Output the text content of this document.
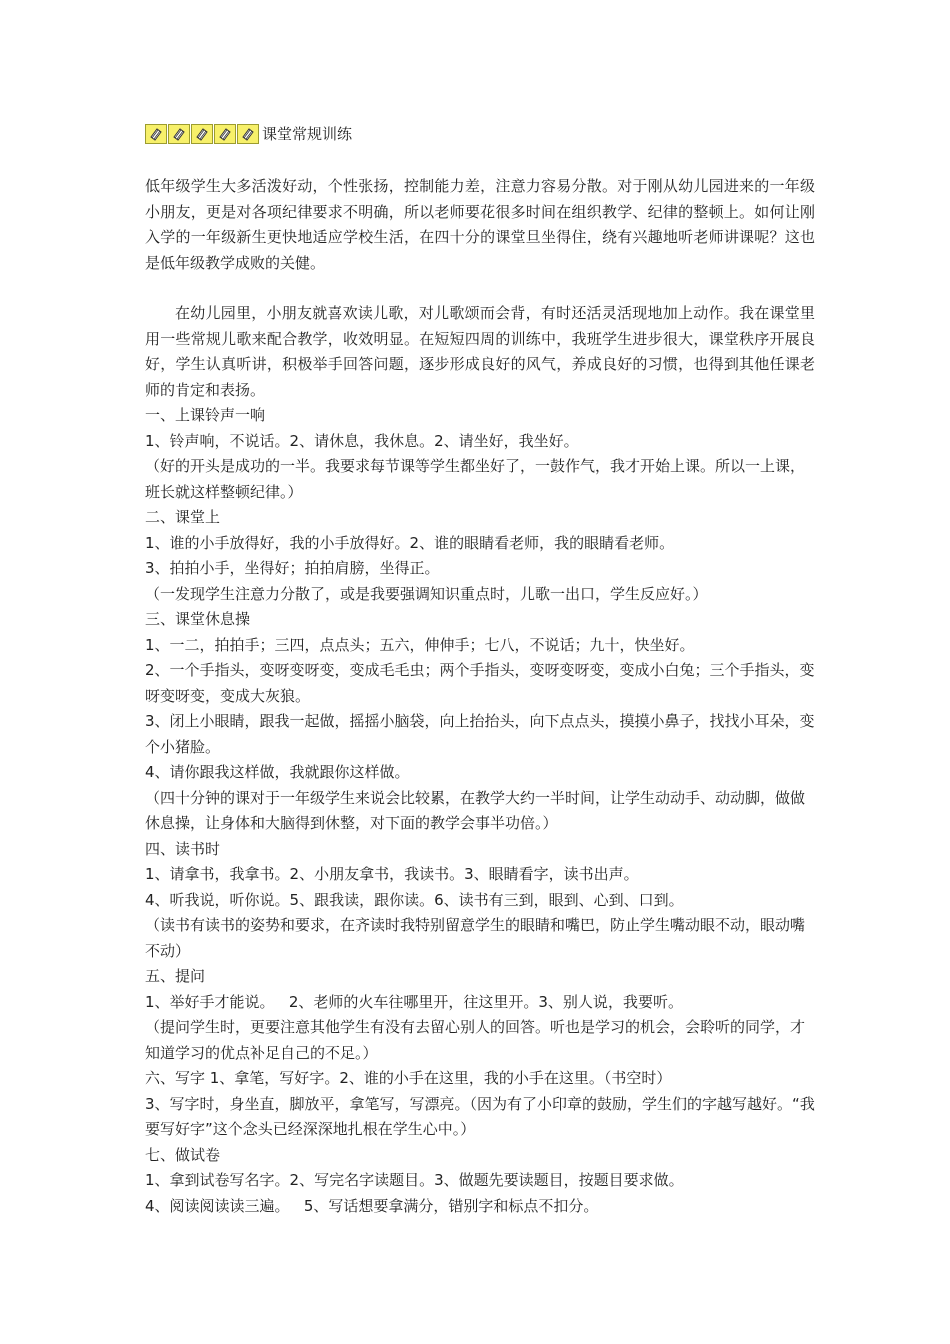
课堂常规训练

低年级学生大多活泼好动，个性张扬，控制能力差，注意力容易分散。对于刚从幼儿园进来的一年级小朋友，更是对各项纪律要求不明确，所以老师要花很多时间在组织教学、纪律的整顿上。如何让刚入学的一年级新生更快地适应学校生活，在四十分的课堂旦坐得住，绕有兴趣地听老师讲课呢？这也是低年级教学成败的关健。

在幼儿园里，小朋友就喜欢读儿歌，对儿歌颂而会背，有时还活灵活现地加上动作。我在课堂里用一些常规儿歌来配合教学，收效明显。在短短四周的训练中，我班学生进步很大，课堂秩序开展良好，学生认真听讲，积极举手回答问题，逐步形成良好的风气，养成良好的习惯，也得到其他任课老师的肯定和表扬。

一、上课铃声一响

1、铃声响，不说话。2、请休息，我休息。2、请坐好，我坐好。

（好的开头是成功的一半。我要求每节课等学生都坐好了，一鼓作气，我才开始上课。所以一上课，班长就这样整顿纪律。）

二、课堂上

1、谁的小手放得好，我的小手放得好。2、谁的眼睛看老师，我的眼睛看老师。

3、拍拍小手，坐得好；拍拍肩膀，坐得正。

（一发现学生注意力分散了，或是我要强调知识重点时，儿歌一出口，学生反应好。）

三、课堂休息操

1、一二，拍拍手；三四，点点头；五六，伸伸手；七八，不说话；九十，快坐好。

2、一个手指头，变呀变呀变，变成毛毛虫；两个手指头，变呀变呀变，变成小白兔；三个手指头，变呀变呀变，变成大灰狼。

3、闭上小眼睛，跟我一起做，摇摇小脑袋，向上抬抬头，向下点点头，摸摸小鼻子，找找小耳朵，变个小猪脸。

4、请你跟我这样做，我就跟你这样做。

（四十分钟的课对于一年级学生来说会比较累，在教学大约一半时间，让学生动动手、动动脚，做做休息操，让身体和大脑得到休整，对下面的教学会事半功倍。）

四、读书时

1、请拿书，我拿书。2、小朋友拿书，我读书。3、眼睛看字，读书出声。

4、听我说，听你说。5、跟我读，跟你读。6、读书有三到，眼到、心到、口到。

（读书有读书的姿势和要求，在齐读时我特别留意学生的眼睛和嘴巴，防止学生嘴动眼不动，眼动嘴不动）

五、提问

1、举好手才能说。   2、老师的火车往哪里开，往这里开。3、别人说，我要听。

（提问学生时，更要注意其他学生有没有去留心别人的回答。听也是学习的机会，会聆听的同学，才知道学习的优点补足自己的不足。）

六、写字 1、拿笔，写好字。2、谁的小手在这里，我的小手在这里。（书空时）

3、写字时，身坐直，脚放平，拿笔写，写漂亮。（因为有了小印章的鼓励，学生们的字越写越好。“我要写好字”这个念头已经深深地扎根在学生心中。）

七、做试卷

1、拿到试卷写名字。2、写完名字读题目。3、做题先要读题目，按题目要求做。

4、阅读阅读读三遍。   5、写话想要拿满分，错别字和标点不扣分。
